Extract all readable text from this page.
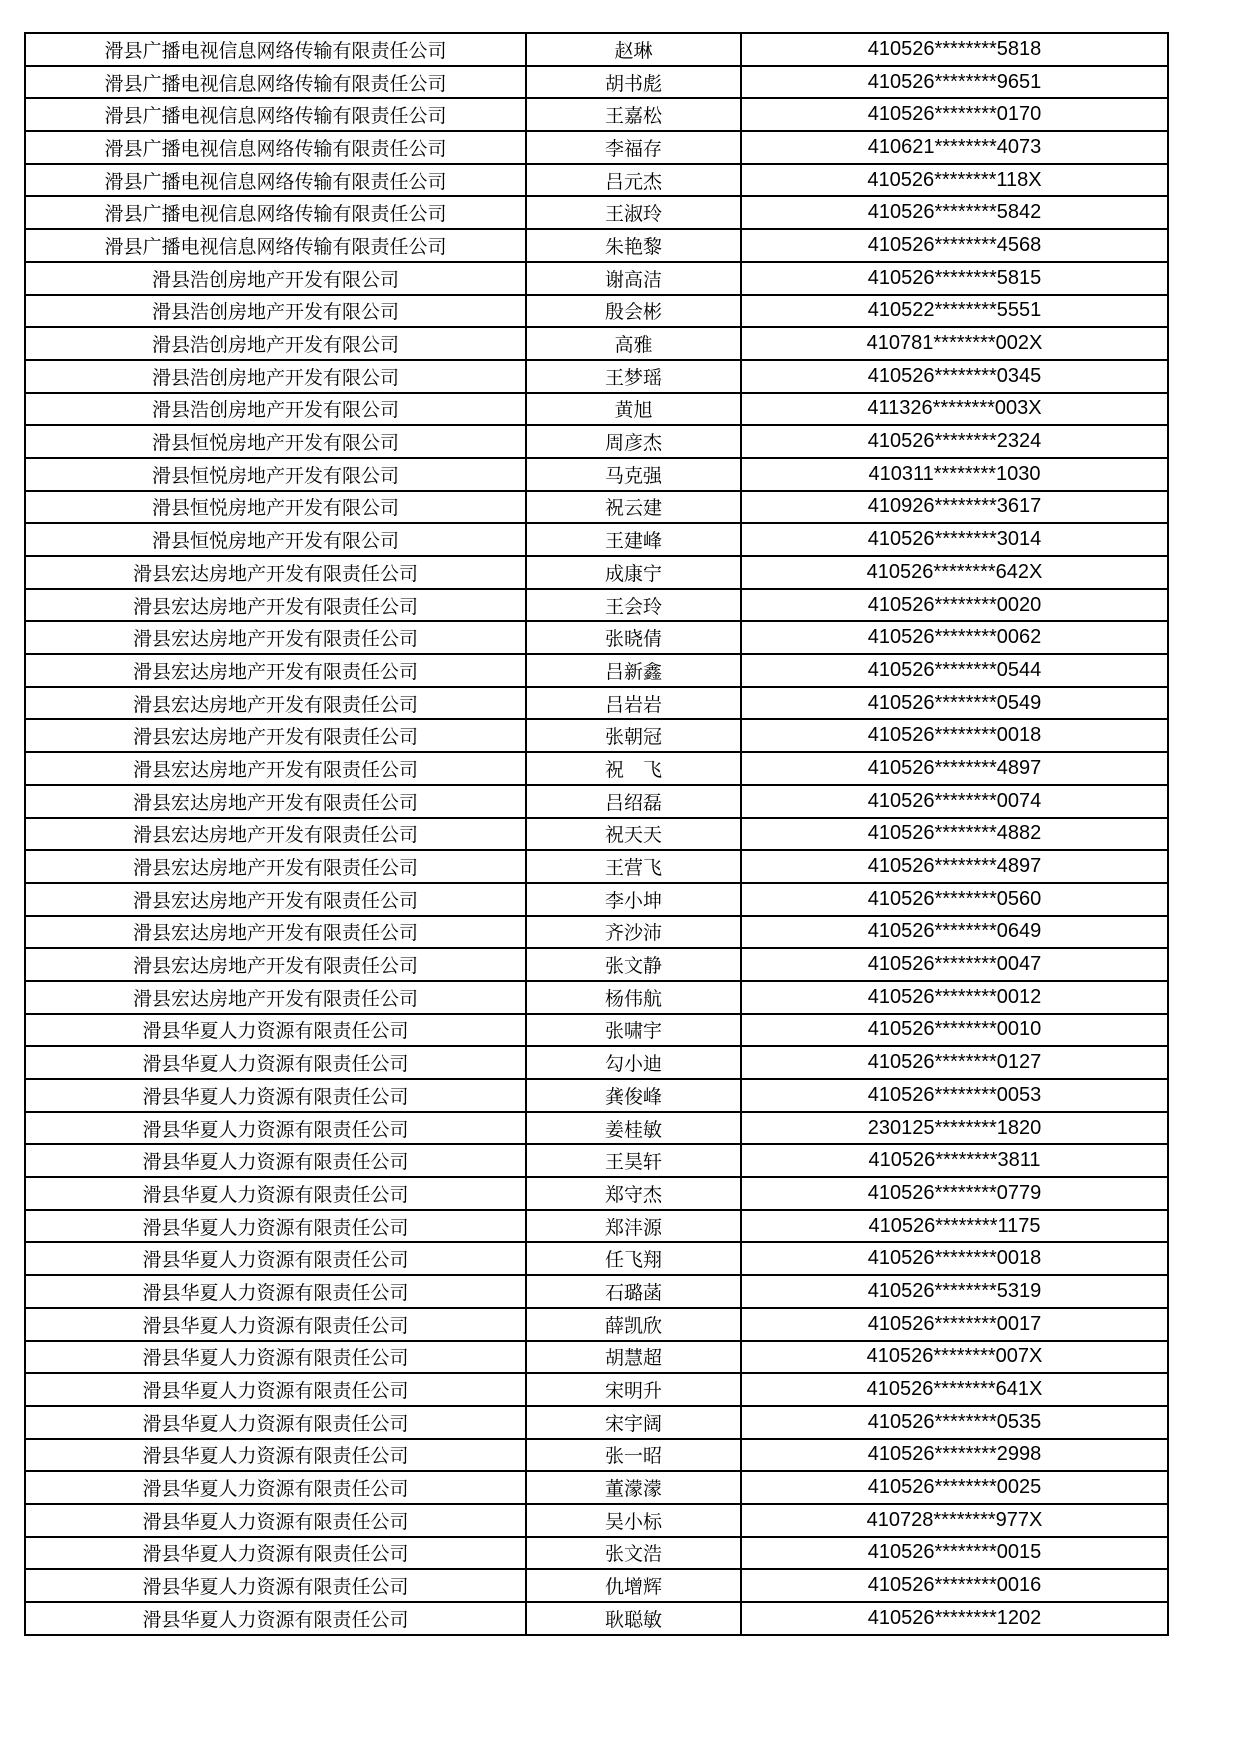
滑县广播电视信息网络传输有限责任公司	赵琳	410526********5818
滑县广播电视信息网络传输有限责任公司	胡书彪	410526********9651
滑县广播电视信息网络传输有限责任公司	王嘉松	410526********0170
滑县广播电视信息网络传输有限责任公司	李福存	410621********4073
滑县广播电视信息网络传输有限责任公司	吕元杰	410526********118X
滑县广播电视信息网络传输有限责任公司	王淑玲	410526********5842
滑县广播电视信息网络传输有限责任公司	朱艳黎	410526********4568
滑县浩创房地产开发有限公司	谢高洁	410526********5815
滑县浩创房地产开发有限公司	殷会彬	410522********5551
滑县浩创房地产开发有限公司	高雅	410781********002X
滑县浩创房地产开发有限公司	王梦瑶	410526********0345
滑县浩创房地产开发有限公司	黄旭	411326********003X
滑县恒悦房地产开发有限公司	周彦杰	410526********2324
滑县恒悦房地产开发有限公司	马克强	410311********1030
滑县恒悦房地产开发有限公司	祝云建	410926********3617
滑县恒悦房地产开发有限公司	王建峰	410526********3014
滑县宏达房地产开发有限责任公司	成康宁	410526********642X
滑县宏达房地产开发有限责任公司	王会玲	410526********0020
滑县宏达房地产开发有限责任公司	张晓倩	410526********0062
滑县宏达房地产开发有限责任公司	吕新鑫	410526********0544
滑县宏达房地产开发有限责任公司	吕岩岩	410526********0549
滑县宏达房地产开发有限责任公司	张朝冠	410526********0018
滑县宏达房地产开发有限责任公司	祝　飞	410526********4897
滑县宏达房地产开发有限责任公司	吕绍磊	410526********0074
滑县宏达房地产开发有限责任公司	祝天天	410526********4882
滑县宏达房地产开发有限责任公司	王营飞	410526********4897
滑县宏达房地产开发有限责任公司	李小坤	410526********0560
滑县宏达房地产开发有限责任公司	齐沙沛	410526********0649
滑县宏达房地产开发有限责任公司	张文静	410526********0047
滑县宏达房地产开发有限责任公司	杨伟航	410526********0012
滑县华夏人力资源有限责任公司	张啸宇	410526********0010
滑县华夏人力资源有限责任公司	勾小迪	410526********0127
滑县华夏人力资源有限责任公司	龚俊峰	410526********0053
滑县华夏人力资源有限责任公司	姜桂敏	230125********1820
滑县华夏人力资源有限责任公司	王昊轩	410526********3811
滑县华夏人力资源有限责任公司	郑守杰	410526********0779
滑县华夏人力资源有限责任公司	郑沣源	410526********1175
滑县华夏人力资源有限责任公司	任飞翔	410526********0018
滑县华夏人力资源有限责任公司	石璐菡	410526********5319
滑县华夏人力资源有限责任公司	薛凯欣	410526********0017
滑县华夏人力资源有限责任公司	胡慧超	410526********007X
滑县华夏人力资源有限责任公司	宋明升	410526********641X
滑县华夏人力资源有限责任公司	宋宇阔	410526********0535
滑县华夏人力资源有限责任公司	张一昭	410526********2998
滑县华夏人力资源有限责任公司	董濛濛	410526********0025
滑县华夏人力资源有限责任公司	吴小标	410728********977X
滑县华夏人力资源有限责任公司	张文浩	410526********0015
滑县华夏人力资源有限责任公司	仇增辉	410526********0016
滑县华夏人力资源有限责任公司	耿聪敏	410526********1202
